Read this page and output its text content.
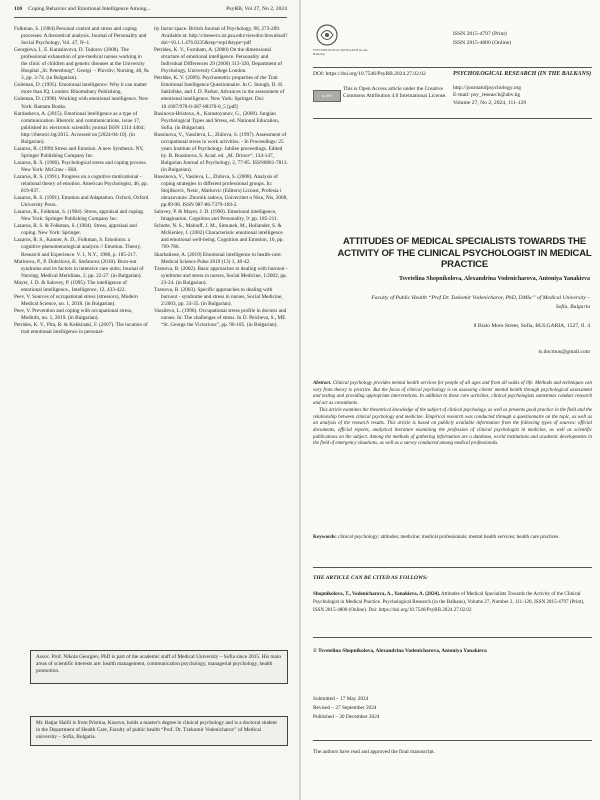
110 Coping Behavior and Emotional Intelligence Among...	PsyRB, Vol 27, No 2, 2024

Folkman, S. (1984) Personal control and stress and coping processes: A theoretical analysis. Journal of Personality and Social Psychology, Vol. 47, N~1.

Georgieva, I., E. Karaslavova, D. Todorov (2008). The professional exhaustion of pre-medical nurses working in the clinic of children and genetic diseases at the University Hospital „St. Petersburg“. Georgi· - Plovdiv; Nursing, 40, № 3, pp. 3-74. (in Bulgarian).

Goleman, D. (1995). Emotional intelligence: Why it can matter more than IQ. London: Bloomsbury Publishing.

Goleman, D. (1998). Working with emotional intelligence. New York: Bantam Books.

Kardasheva, A. (2015). Emotional intelligence as a type of communication. Rhetoric and communications, issue 17, published in: electronic scientific journal ISSN 1314 4464; http://rhetoric.bg/2015. Accessed on [2024-04-10]. (in Bulgarian).

Lazarus, R. (1999) Stress and Emotion. A new Synthesis. NY, Springer Publishing Company Inc.

Lazarus, R. S. (1966). Psychological stress and coping process. New York: McGraw - Hill.

Lazarus, R. S. (1991). Progress on a cognitive motivational - relational theory of emotion. American Psychologist, 46, pp. 819-837.

Lazarus, R. S. (1991). Emotion and Adaptation. Oxford, Oxford University Press.

Lazarus, R., Folkman, S. (1984). Stress, appraisal and coping. New York: Springer Publishing Company Inc.

Lazarus, R. S. & Folkman, S. (1984). Stress, appraisal and coping. New York: Springer.

Lazarus, R. S., Kanner, A. D., Folkman, S. Emotions: a cognitive phenomenological analysis // Emotion. Theory, Research and Experience. V. 1, N.Y., 1980, p. 185-217.

Marinova, P., P. Dobrilova, K. Stefanova (2010). Burn-out syndrome and its factors in intensive care units; Journal of Nursing, Medical Meridians, 2, pp. 22-27. (in Bulgarian).

Mayer, J. D. & Salovey, P. (1995). The intelligence of emotional intelligence., Intelligence, 12, 433-422.

Peev, V. Sources of occupational stress (stressors), Modern Medical Science, no. 1, 2018. (in Bulgarian).

Peev, V. Prevention and coping with occupational stress, Medinfo, no. 1, 2019. (in Bulgarian).

Petrides, K. V., Pita, R. & Kokkinaki, F. (2007). The location of trait emotional intelligence in personal-

ity factor space. British Journal of Psychology, 98, 273-289. Available at: http://citeseerx.ist.psu.edu/viewdoc/download?doi=10.1.1.476.8335&rep=rep1&type=pdf

Petrides, K. V., Furnham, A. (2000) On the dimensional structure of emotional intelligence. Personality and Individual Differences 29 (2000) 313-320, Department of Psychology, University College London.

Petrides, K. V. (2009). Psychometric properties of the Trait Emotional Intelligence Questionnaire. In C. Stough, D. H. Saklofske, and J. D. Parker, Advances in the assessment of emotional intelligence. New York: Springer. Doi: 10.1007/978-0-387-88370-0_5 [pdf]

Rusinova-Hristova, A., Karastoyanov, G., (2000). Jungian Psychological Types and Stress, ed. National Education, Sofia. (in Bulgarian).

Russinova, V., Vassileva, L., Zhilova, S. (1997). Assessment of occupational stress in work activities. - In Proceedings: 25 years Institute of Psychology. Jubilee proceedings. Edited by. B. Russinova, S. Acad. ed. „M. Drinov“, 134-147, Bulgarian Journal of Psychology, 2, 77-85. ISSN0861-7813. (in Bulgarian).

Russinova, V., Vasileva, L., Zhilova, S. (2008). Analysis of coping strategies in different professional groups. In: Stojilkovic, Nesic, Markovic (Editors) Licnost, Profesia i obrazovanie. Zbornik radova, Univerzitet u Nisu, Nis, 2008, pp.89-98. ISSN 987-86-7379-169-2.

Salovey, P. & Mayer, J. D. (1990). Emotional intelligence, Imagination, Cognition and Personality, 9: pp. 185-211.

Schutte, N. S., Malouff, J. M., Simunek, M., Hollander, S. & McKenley, J. (2002) Characteristic emotional intelligence and emotional well-being. Cognition and Emotion, 16, pp. 769-786.

Skarbalienė, A. (2019) Emotional intelligence in health-care. Medical Science Pulse 2019 (13) 1, 40-42.

Tzenova, B. (2002). Basic approaches to dealing with burnout - syndrome and stress in nurses, Social Medicine, 1/2002, pp. 23-24. (in Bulgarian).

Tzenova, B. (2003). Specific approaches to dealing with burnout - syndrome and stress in nurses, Social Medicine, 2/2003, pp. 33-35. (in Bulgarian).

Vassileva, L. (1996). Occupational stress profile in doctors and nurses. In: The challenges of stress. In D. Peicheva, S., ME “St. George the Victorious”, pp. 96-105. (in Bulgarian).

Assoc. Prof. Nikola Georgiev, PhD is part of the academic staff of Medical University – Sofia since 2015. His main areas of scientific interests are: health management, communication psychology, managerial psychology, health promotion.
Mr. Batjar Halili is from Pristina, Kosovo, holds a master's degree in clinical psychology and is a doctoral student in the Department of Health Care, Faculty of public health “Prof. Dr. Tzekomir Vodenicharov” of Medical university – Sofia, Bulgaria.
PSYCHOLOGICAL RESEARCH (in the Balkans)
ISSN 2815-4797 (Print)
ISSN 2815-4800 (Online)
DOI: https://doi.org/10.7546/PsyRB.2024.27.02.02
cc BY
This is Open Access article under the Creative Commons Attribution 4.0 International License.
PSYCHOLOGICAL RESEARCH (IN THE BALKANS)
http://journalofpsychology.org
E-mail: psy_research@abv.bg
Volume 27, No 2, 2024, 111-120
ATTITUDES OF MEDICAL SPECIALISTS TOWARDS THE ACTIVITY OF THE CLINICAL PSYCHOLOGIST IN MEDICAL PRACTICE
Tsvetelina Shopnikolova, Alexandrina Vodenicharova, Antoniya Yanakieva
Faculty of Public Health “Prof Dr. Tsekomir Vodenicharov, PhD, DMSc” of Medical University – Sofia, Bulgaria
8 Bialo More Street, Sofia, BULGARIA, 1527, fl. 4
ts.docmus@gmail.com

Abstract. Clinical psychology provides mental health services for people of all ages and from all walks of life. Methods and techniques can vary from theory to practice. But the focus of clinical psychology is on assessing clients' mental health through psychological assessment and testing and providing appropriate interventions. In addition to these core activities, clinical psychologists sometimes conduct research and act as consultants.

This article examines the theoretical knowledge of the subject of clinical psychology, as well as presents good practice in the field and the relationship between clinical psychology and medicine. Empirical research was conducted through a questionnaire on the topic, as well as an analysis of the research results. This article is based on publicly available information from the following types of sources: official documents, official reports, analytical literature examining the profession of clinical psychologist in medicine, as well as scientific publications on the subject. Among the methods of gathering information are a database, world institutions and academic developments in the field of emergency situations, as well as a survey conducted among medical professionals.

Keywords: clinical psychology; attitudes; medicine; medical professionals; mental health services; health care practices.
THE ARTICLE CAN BE CITED AS FOLLOWS:
Shopnikolova, T., Vodenicharova, A., Yanakieva, A. (2024). Attitudes of Medical Specialists Towards the Activity of the Clinical Psychologist in Medical Practice. Psychological Research (in the Balkans), Volume 27, Number 2, 111-120, ISSN 2815-4797 (Print), ISSN 2815-4800 (Online). Doi: https://doi.org/10.7546/PsyRB.2024.27.02.02
© Tsvetelina Shopnikolova, Alexandrina Vodenicharova, Antoniya Yanakieva
Submitted – 17 May 2024
Revised – 27 September 2024
Published – 30 December 2024
The authors have read and approved the final manuscript.
